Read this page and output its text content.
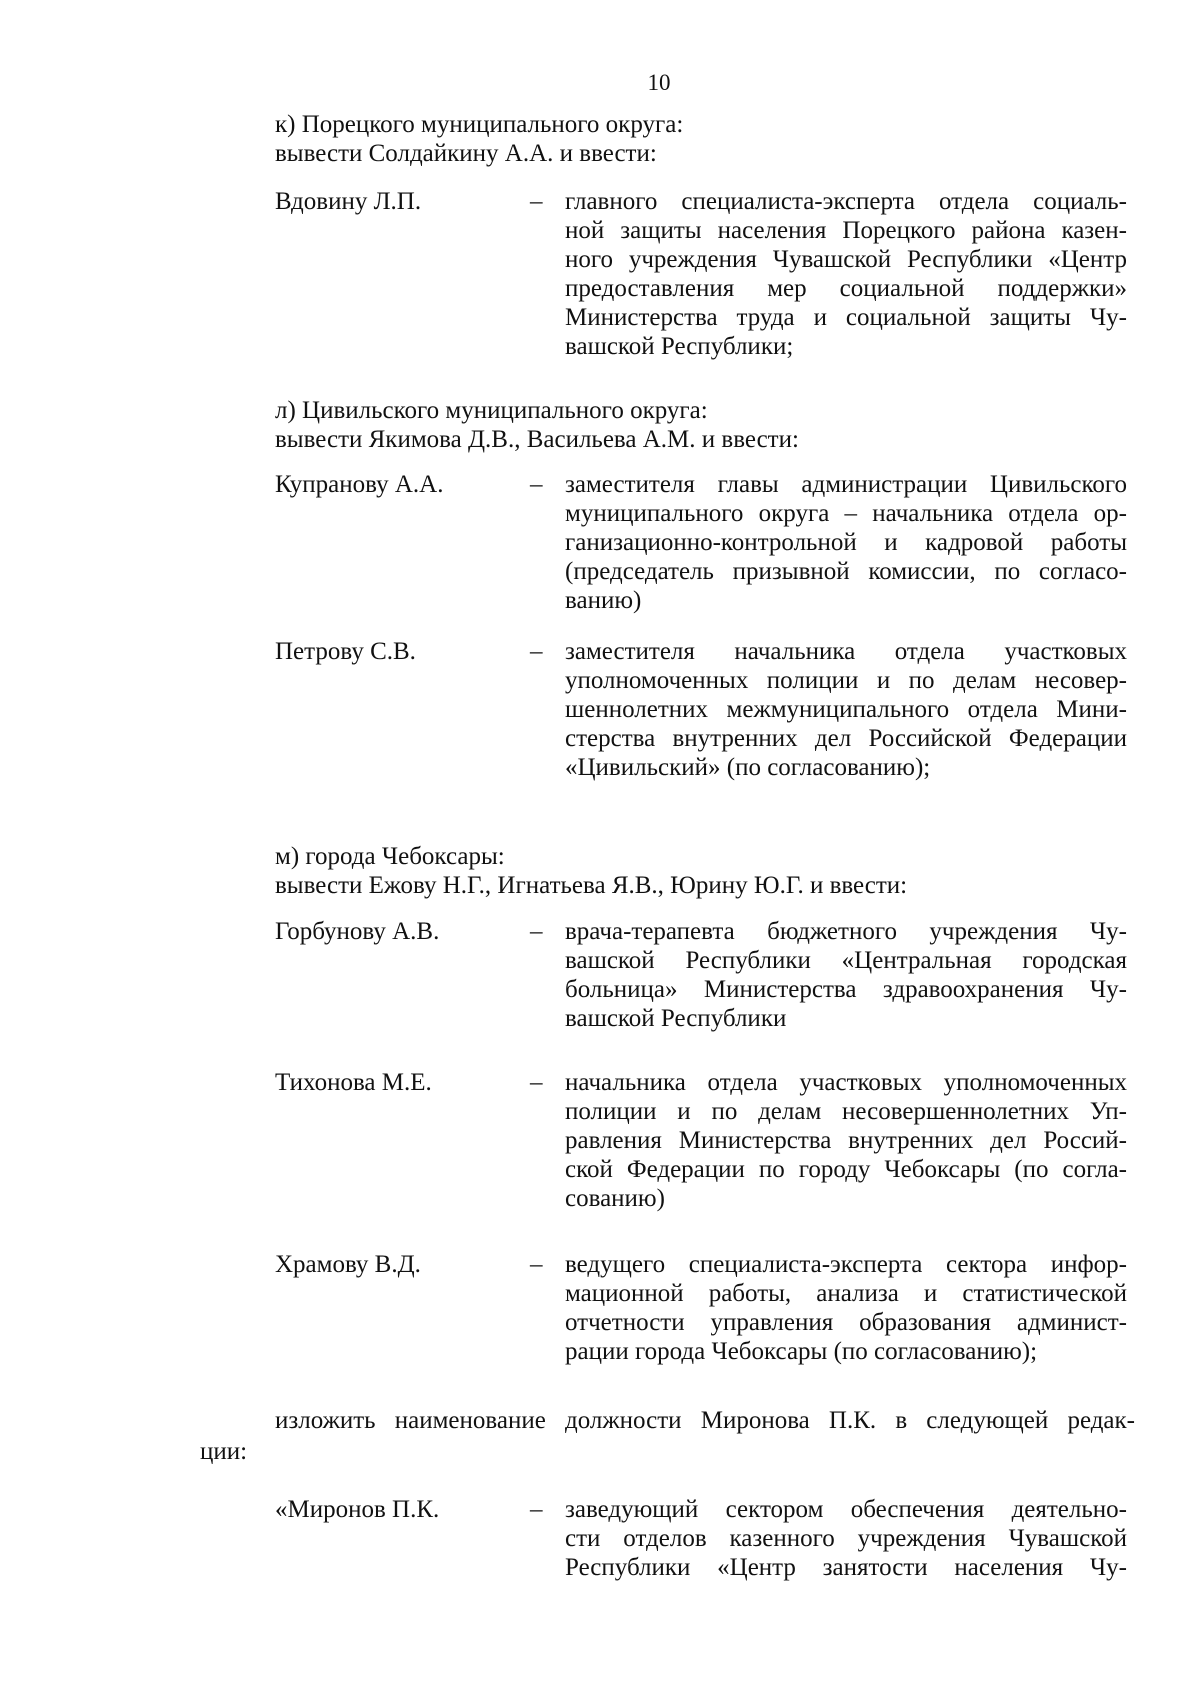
10
к) Порецкого муниципального округа:
вывести Солдайкину А.А. и ввести:
Вдовину Л.П.	– главного специалиста-эксперта отдела социаль-
ной защиты населения Порецкого района казен-
ного учреждения Чувашской Республики «Центр
предоставления мер социальной поддержки»
Министерства труда и социальной защиты Чу-
вашской Республики;
л) Цивильского муниципального округа:
вывести Якимова Д.В., Васильева А.М. и ввести:
Купранову А.А.	– заместителя главы администрации Цивильского
муниципального округа – начальника отдела ор-
ганизационно-контрольной и кадровой работы
(председатель призывной комиссии, по согласо-
ванию)
Петрову С.В.	– заместителя начальника отдела участковых
уполномоченных полиции и по делам несовер-
шеннолетних межмуниципального отдела Мини-
стерства внутренних дел Российской Федерации
«Цивильский» (по согласованию);
м) города Чебоксары:
вывести Ежову Н.Г., Игнатьева Я.В., Юрину Ю.Г. и ввести:
Горбунову А.В.	– врача-терапевта бюджетного учреждения Чу-
вашской Республики «Центральная городская
больница» Министерства здравоохранения Чу-
вашской Республики
Тихонова М.Е.	– начальника отдела участковых уполномоченных
полиции и по делам несовершеннолетних Уп-
равления Министерства внутренних дел Россий-
ской Федерации по городу Чебоксары (по согла-
сованию)
Храмову В.Д.	– ведущего специалиста-эксперта сектора инфор-
мационной работы, анализа и статистической
отчетности управления образования админист-
рации города Чебоксары (по согласованию);
изложить наименование должности Миронова П.К. в следующей редак-
ции:
«Миронов П.К.	– заведующий сектором обеспечения деятельно-
сти отделов казенного учреждения Чувашской
Республики «Центр занятости населения Чу-
